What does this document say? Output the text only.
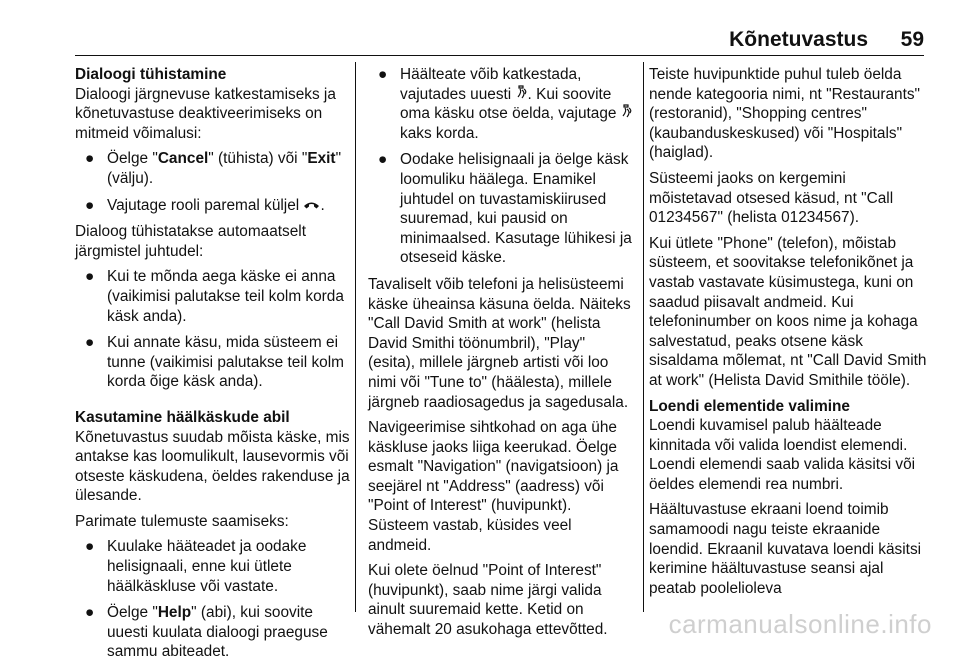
Kõnetuvastus 59

Dialoogi tühistamine

Dialoogi järgnevuse katkestamiseks ja kõnetuvastuse deaktiveerimiseks on mitmeid võimalusi:

● Öelge "Cancel" (tühista) või "Exit" (välju).
● Vajutage rooli paremal küljel .

Dialoog tühistatakse automaatselt järgmistel juhtudel:

● Kui te mõnda aega käske ei anna (vaikimisi palutakse teil kolm korda käsk anda).
● Kui annate käsu, mida süsteem ei tunne (vaikimisi palutakse teil kolm korda õige käsk anda).

Kasutamine häälkäskude abil

Kõnetuvastus suudab mõista käske, mis antakse kas loomulikult, lausevormis või otseste käskudena, öeldes rakenduse ja ülesande.

Parimate tulemuste saamiseks:

● Kuulake hääteadet ja oodake helisignaali, enne kui ütlete häälkäskluse või vastate.
● Öelge "Help" (abi), kui soovite uuesti kuulata dialoogi praeguse sammu abiteadet.
● Häälteate võib katkestada, vajutades uuesti . Kui soovite oma käsku otse öelda, vajutage  kaks korda.
● Oodake helisignaali ja öelge käsk loomuliku häälega. Enamikel juhtudel on tuvastamiskiirused suuremad, kui pausid on minimaalsed. Kasutage lühikesi ja otseseid käske.

Tavaliselt võib telefoni ja helisüsteemi käske üheainsa käsuna öelda. Näiteks "Call David Smith at work" (helista David Smithi töönumbril), "Play" (esita), millele järgneb artisti või loo nimi või "Tune to" (häälesta), millele järgneb raadiosagedus ja sagedusala.

Navigeerimise sihtkohad on aga ühe käskluse jaoks liiga keerukad. Öelge esmalt "Navigation" (navigatsioon) ja seejärel nt "Address" (aadress) või "Point of Interest" (huvipunkt). Süsteem vastab, küsides veel andmeid.

Kui olete öelnud "Point of Interest" (huvipunkt), saab nime järgi valida ainult suuremaid kette. Ketid on vähemalt 20 asukohaga ettevõtted.

Teiste huvipunktide puhul tuleb öelda nende kategooria nimi, nt "Restaurants" (restoranid), "Shopping centres" (kaubanduskeskused) või "Hospitals" (haiglad).

Süsteemi jaoks on kergemini mõistetavad otsesed käsud, nt "Call 01234567" (helista 01234567).

Kui ütlete "Phone" (telefon), mõistab süsteem, et soovitakse telefonikõnet ja vastab vastavate küsimustega, kuni on saadud piisavalt andmeid. Kui telefoninumber on koos nime ja kohaga salvestatud, peaks otsene käsk sisaldama mõlemat, nt "Call David Smith at work" (Helista David Smithile tööle).

Loendi elementide valimine

Loendi kuvamisel palub häälteade kinnitada või valida loendist elemendi. Loendi elemendi saab valida käsitsi või öeldes elemendi rea numbri.

Häältuvastuse ekraani loend toimib samamoodi nagu teiste ekraanide loendid. Ekraanil kuvatava loendi käsitsi kerimine häältuvastuse seansi ajal peatab poolelioleva

carmanualsonline.info
